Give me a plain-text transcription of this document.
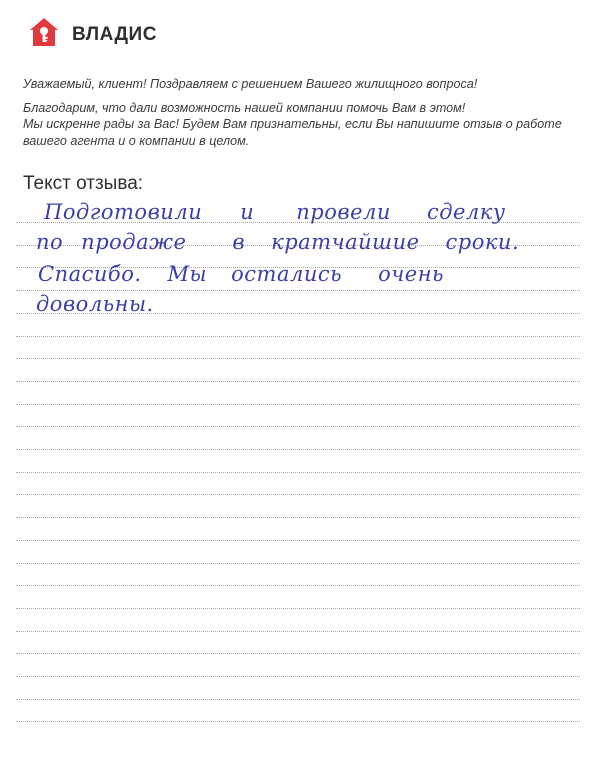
ВЛАДИС

Уважаемый, клиент! Поздравляем с решением Вашего жилищного вопроса!

Благодарим, что дали возможность нашей компании помочь Вам в этом!

Мы искренне рады за Вас! Будем Вам признательны, если Вы напишите отзыв о работе

вашего агента и о компании в целом.

Текст отзыва:
Подготовили и провели сделку
по продаже в кратчайшие сроки.
Спасибо. Мы остались очень
довольны.
